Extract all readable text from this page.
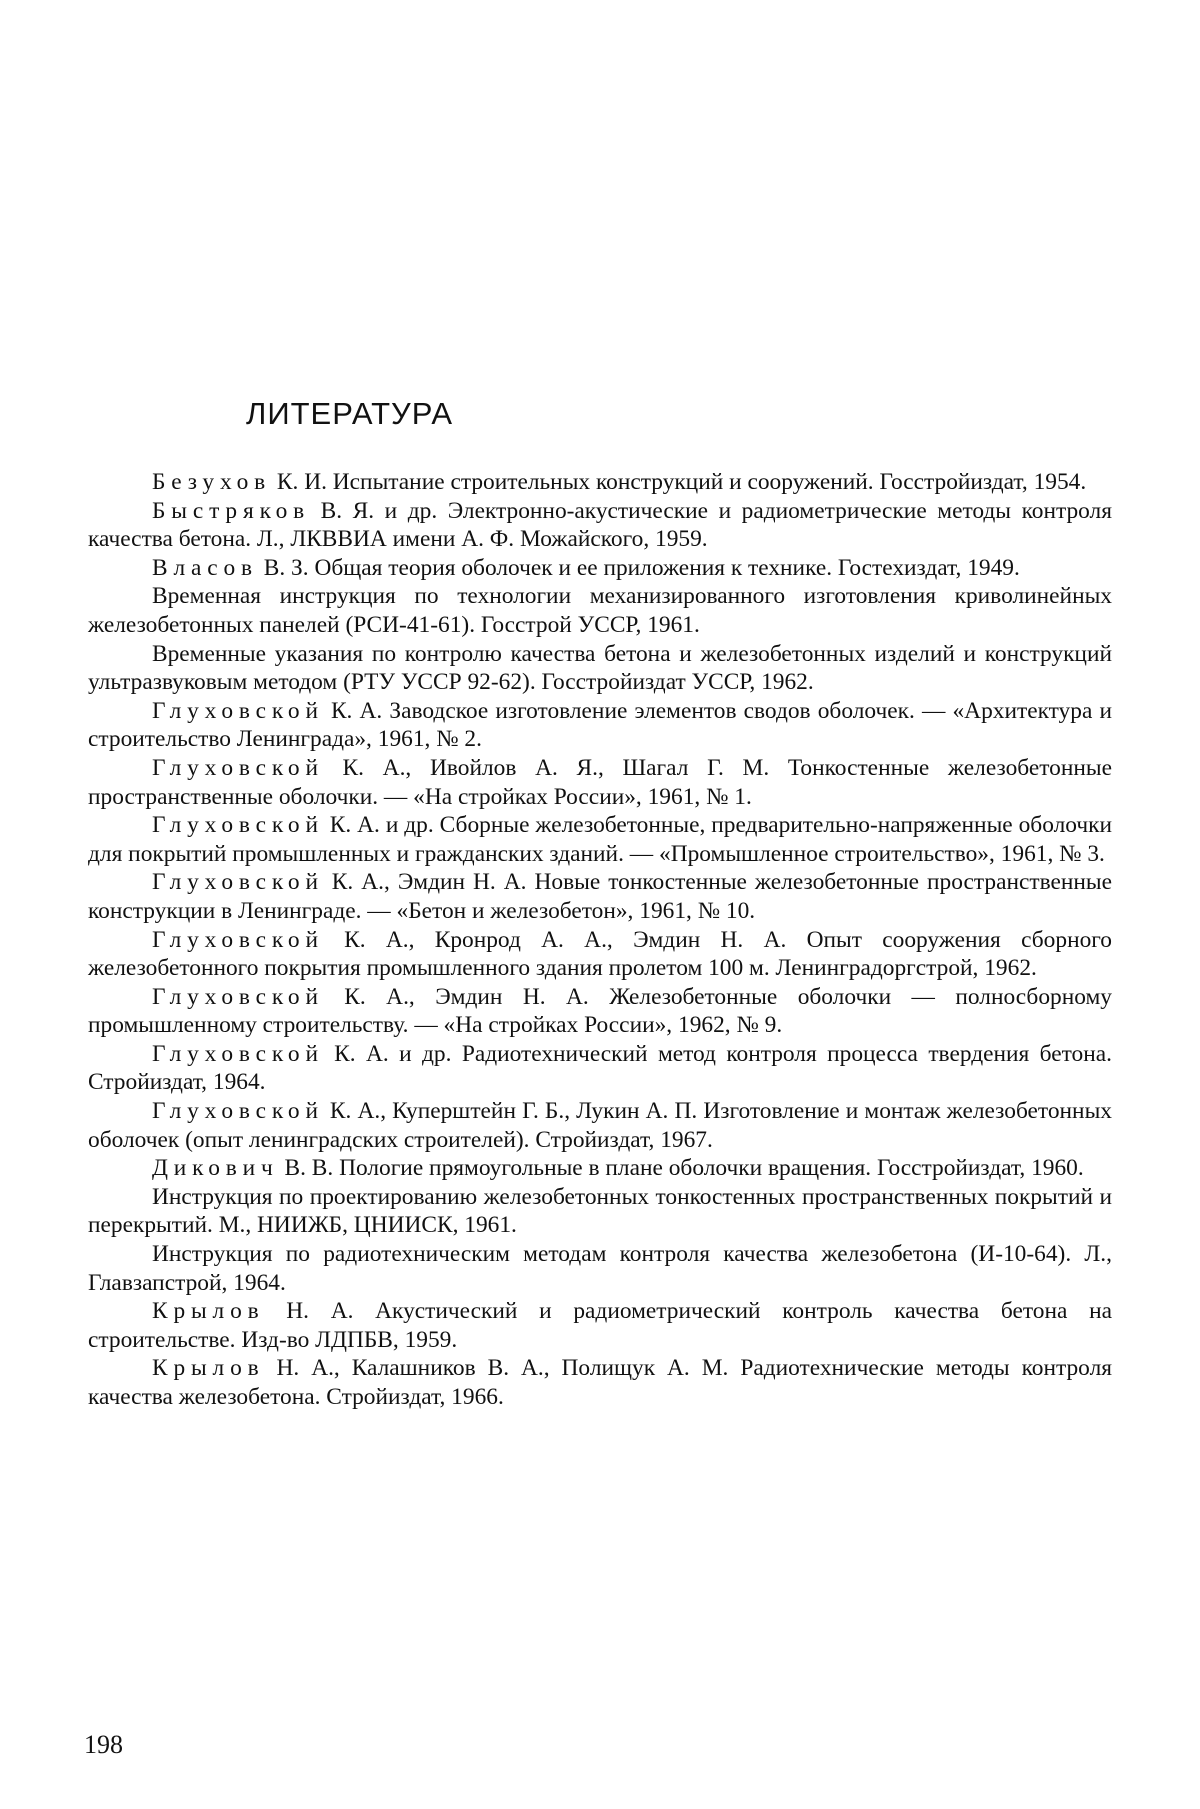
ЛИТЕРАТУРА

Безухов К. И. Испытание строительных конструкций и сооружений. Госстройиздат, 1954.

Быстряков В. Я. и др. Электронно-акустические и радиометрические методы контроля качества бетона. Л., ЛКВВИА имени А. Ф. Можайского, 1959.

Власов В. З. Общая теория оболочек и ее приложения к технике. Гостехиздат, 1949.

Временная инструкция по технологии механизированного изготовления криволинейных железобетонных панелей (РСИ-41-61). Госстрой УССР, 1961.

Временные указания по контролю качества бетона и железобетонных изделий и конструкций ультразвуковым методом (РТУ УССР 92-62). Госстройиздат УССР, 1962.

Глуховской К. А. Заводское изготовление элементов сводов оболочек. — «Архитектура и строительство Ленинграда», 1961, № 2.

Глуховской К. А., Ивойлов А. Я., Шагал Г. М. Тонкостенные железобетонные пространственные оболочки. — «На стройках России», 1961, № 1.

Глуховской К. А. и др. Сборные железобетонные, предварительно-напряженные оболочки для покрытий промышленных и гражданских зданий. — «Промышленное строительство», 1961, № 3.

Глуховской К. А., Эмдин Н. А. Новые тонкостенные железобетонные пространственные конструкции в Ленинграде. — «Бетон и железобетон», 1961, № 10.

Глуховской К. А., Кронрод А. А., Эмдин Н. А. Опыт сооружения сборного железобетонного покрытия промышленного здания пролетом 100 м. Ленинградоргстрой, 1962.

Глуховской К. А., Эмдин Н. А. Железобетонные оболочки — полносборному промышленному строительству. — «На стройках России», 1962, № 9.

Глуховской К. А. и др. Радиотехнический метод контроля процесса твердения бетона. Стройиздат, 1964.

Глуховской К. А., Куперштейн Г. Б., Лукин А. П. Изготовление и монтаж железобетонных оболочек (опыт ленинградских строителей). Стройиздат, 1967.

Дикович В. В. Пологие прямоугольные в плане оболочки вращения. Госстройиздат, 1960.

Инструкция по проектированию железобетонных тонкостенных пространственных покрытий и перекрытий. М., НИИЖБ, ЦНИИСК, 1961.

Инструкция по радиотехническим методам контроля качества железобетона (И-10-64). Л., Главзапстрой, 1964.

Крылов Н. А. Акустический и радиометрический контроль качества бетона на строительстве. Изд-во ЛДПБВ, 1959.

Крылов Н. А., Калашников В. А., Полищук А. М. Радиотехнические методы контроля качества железобетона. Стройиздат, 1966.

198
